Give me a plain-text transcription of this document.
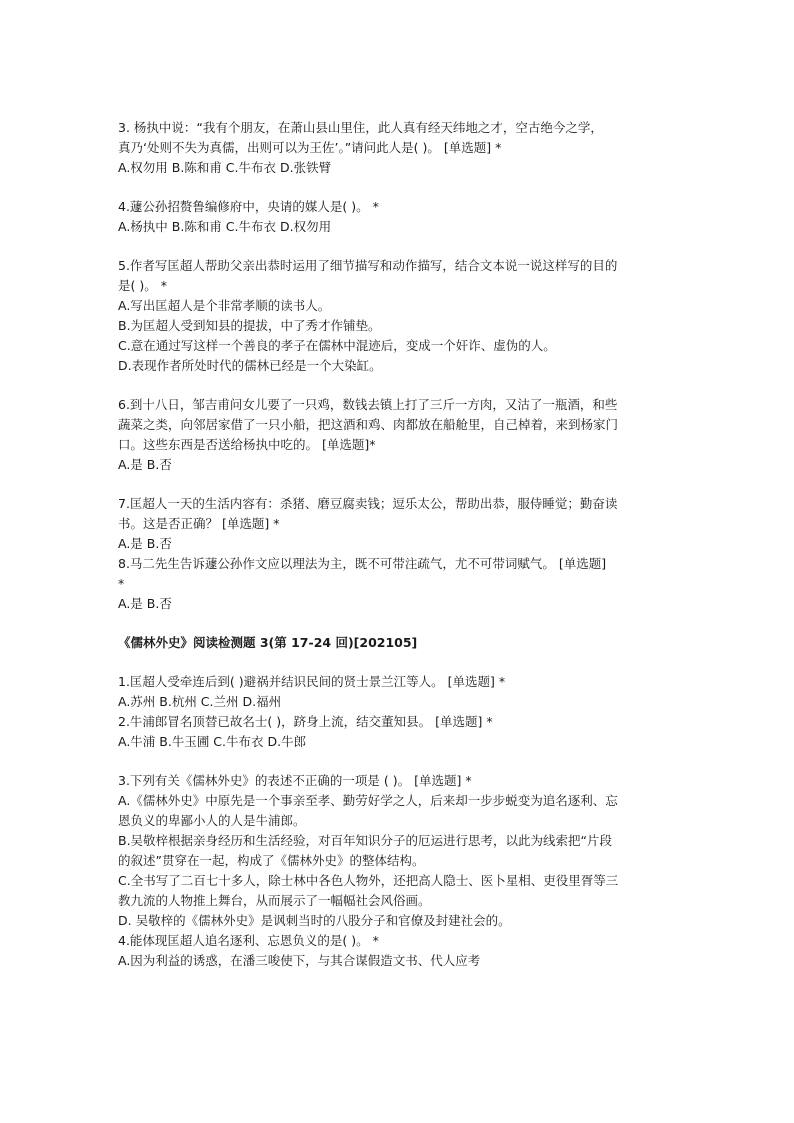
3. 杨执中说：“我有个朋友，在萧山县山里住，此人真有经天纬地之才，空古绝今之学，
真乃‘处则不失为真儒，出则可以为王佐’。”请问此人是( )。 [单选题] *
A.权勿用 B.陈和甫 C.牛布衣 D.张铁臂
4.蘧公孙招赘鲁编修府中，央请的媒人是( )。 *
A.杨执中 B.陈和甫 C.牛布衣 D.权勿用
5.作者写匡超人帮助父亲出恭时运用了细节描写和动作描写，结合文本说一说这样写的目的
是( )。 *
A.写出匡超人是个非常孝顺的读书人。
B.为匡超人受到知县的提拔，中了秀才作铺垫。
C.意在通过写这样一个善良的孝子在儒林中混迹后，变成一个奸诈、虚伪的人。
D.表现作者所处时代的儒林已经是一个大染缸。
6.到十八日，邹吉甫问女儿要了一只鸡，数钱去镇上打了三斤一方肉，又沽了一瓶酒，和些
蔬菜之类，向邻居家借了一只小船，把这酒和鸡、肉都放在船舱里，自己棹着，来到杨家门
口。这些东西是否送给杨执中吃的。 [单选题]*
A.是 B.否
7.匡超人一天的生活内容有：杀猪、磨豆腐卖钱；逗乐太公，帮助出恭，服侍睡觉；勤奋读
书。这是否正确？ [单选题] *
A.是 B.否
8.马二先生告诉蘧公孙作文应以理法为主，既不可带注疏气，尤不可带词赋气。 [单选题]
*
A.是 B.否
《儒林外史》阅读检测题 3(第 17-24 回)[202105]
1.匡超人受牵连后到( )避祸并结识民间的贤士景兰江等人。 [单选题] *
A.苏州 B.杭州 C.兰州 D.福州
2.牛浦郎冒名顶替已故名士( )，跻身上流，结交董知县。 [单选题] *
A.牛浦 B.牛玉圃 C.牛布衣 D.牛郎
3.下列有关《儒林外史》的表述不正确的一项是 ( )。 [单选题] *
A.《儒林外史》中原先是一个事亲至孝、勤劳好学之人，后来却一步步蜕变为追名逐利、忘
恩负义的卑鄙小人的人是牛浦郎。
B.吴敬梓根据亲身经历和生活经验，对百年知识分子的厄运进行思考，以此为线索把“片段
的叙述”贯穿在一起，构成了《儒林外史》的整体结构。
C.全书写了二百七十多人，除士林中各色人物外，还把高人隐士、医卜星相、吏役里胥等三
教九流的人物推上舞台，从而展示了一幅幅社会风俗画。
D. 吴敬梓的《儒林外史》是讽刺当时的八股分子和官僚及封建社会的。
4.能体现匡超人追名逐利、忘恩负义的是( )。 *
A.因为利益的诱惑，在潘三唆使下，与其合谋假造文书、代人应考
